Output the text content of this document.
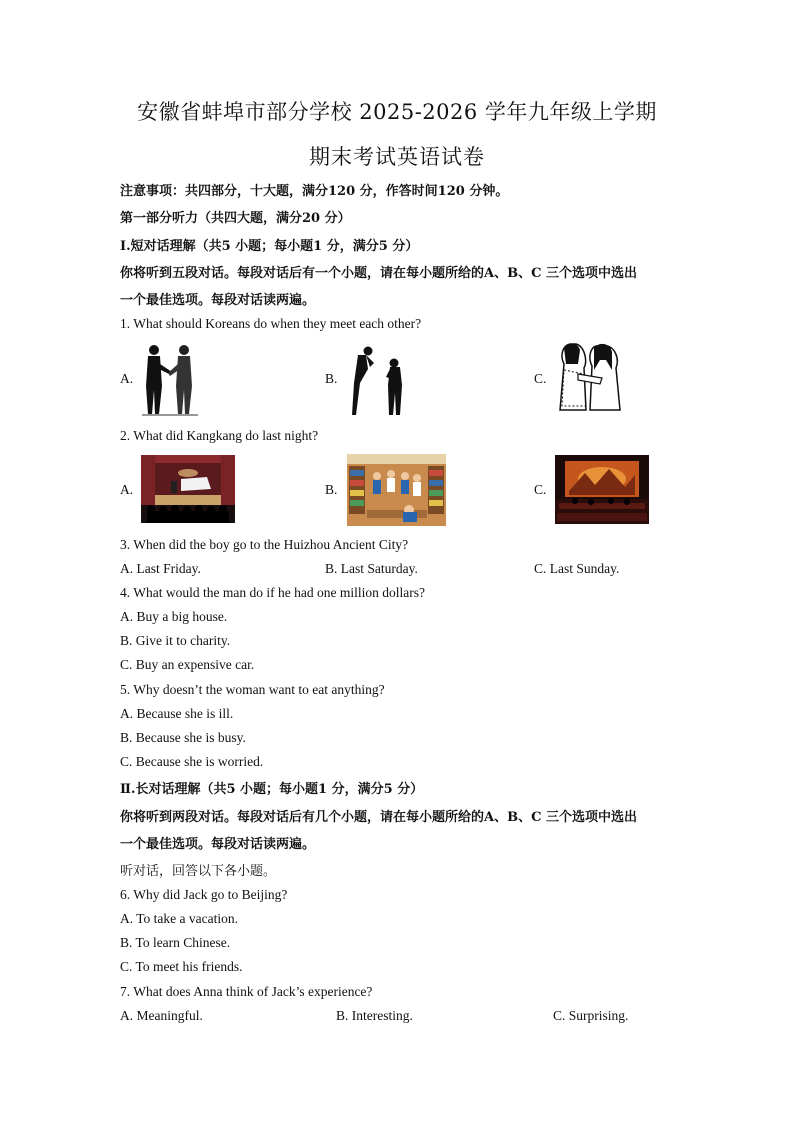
安徽省蚌埠市部分学校 2025-2026 学年九年级上学期
期末考试英语试卷
注意事项：共四部分，十大题，满分120 分，作答时间120 分钟。
第一部分听力（共四大题，满分20 分）
Ⅰ.短对话理解（共5 小题；每小题1 分，满分5 分）
你将听到五段对话。每段对话后有一个小题，请在每小题所给的A、B、C 三个选项中选出
一个最佳选项。每段对话读两遍。
1. What should Koreans do when they meet each other?
A.	B.	C.
2. What did Kangkang do last night?
A.	B.	C.
3. When did the boy go to the Huizhou Ancient City?
A. Last Friday.	B. Last Saturday.	C. Last Sunday.
4. What would the man do if he had one million dollars?
A. Buy a big house.
B. Give it to charity.
C. Buy an expensive car.
5. Why doesn’t the woman want to eat anything?
A. Because she is ill.
B. Because she is busy.
C. Because she is worried.
Ⅱ.长对话理解（共5 小题；每小题1 分，满分5 分）
你将听到两段对话。每段对话后有几个小题，请在每小题所给的A、B、C 三个选项中选出
一个最佳选项。每段对话读两遍。
听对话，回答以下各小题。
6. Why did Jack go to Beijing?
A. To take a vacation.
B. To learn Chinese.
C. To meet his friends.
7. What does Anna think of Jack’s experience?
A. Meaningful.	B. Interesting.	C. Surprising.
